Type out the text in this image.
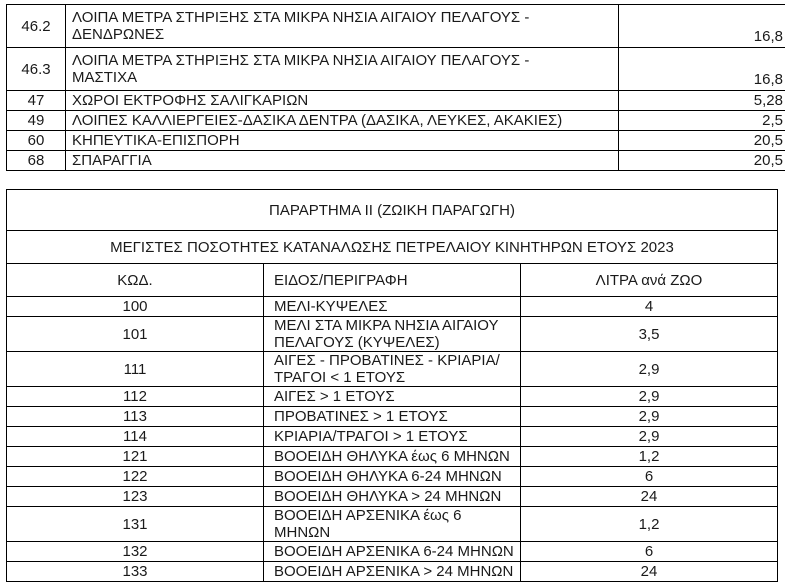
46.2	ΛΟΙΠΑ ΜΕΤΡΑ ΣΤΗΡΙΞΗΣ ΣΤΑ ΜΙΚΡΑ ΝΗΣΙΑ ΑΙΓΑΙΟΥ ΠΕΛΑΓΟΥΣ -
ΔΕΝΔΡΩΝΕΣ	16,8
46.3	ΛΟΙΠΑ ΜΕΤΡΑ ΣΤΗΡΙΞΗΣ ΣΤΑ ΜΙΚΡΑ ΝΗΣΙΑ ΑΙΓΑΙΟΥ ΠΕΛΑΓΟΥΣ -
ΜΑΣΤΙΧΑ	16,8
47	ΧΩΡΟΙ ΕΚΤΡΟΦΗΣ ΣΑΛΙΓΚΑΡΙΩΝ	5,28
49	ΛΟΙΠΕΣ ΚΑΛΛΙΕΡΓΕΙΕΣ-ΔΑΣΙΚΑ ΔΕΝΤΡΑ (ΔΑΣΙΚΑ, ΛΕΥΚΕΣ, ΑΚΑΚΙΕΣ)	2,5
60	ΚΗΠΕΥΤΙΚΑ-ΕΠΙΣΠΟΡΗ	20,5
68	ΣΠΑΡΑΓΓΙΑ	20,5
ΠΑΡΑΡΤΗΜΑ ΙΙ (ΖΩΙΚΗ ΠΑΡΑΓΩΓΗ)		
ΜΕΓΙΣΤΕΣ ΠΟΣΟΤΗΤΕΣ ΚΑΤΑΝΑΛΩΣΗΣ ΠΕΤΡΕΛΑΙΟΥ ΚΙΝΗΤΗΡΩΝ ΕΤΟΥΣ 2023		
ΚΩΔ.	ΕΙΔΟΣ/ΠΕΡΙΓΡΑΦΗ	ΛΙΤΡΑ ανά ΖΩΟ
100	ΜΕΛΙ-ΚΥΨΕΛΕΣ	4
101	ΜΕΛΙ ΣΤΑ ΜΙΚΡΑ ΝΗΣΙΑ ΑΙΓΑΙΟΥ ΠΕΛΑΓΟΥΣ (ΚΥΨΕΛΕΣ)	3,5
111	ΑΙΓΕΣ - ΠΡΟΒΑΤΙΝΕΣ - ΚΡΙΑΡΙΑ/ΤΡΑΓΟΙ < 1 ΕΤΟΥΣ	2,9
112	ΑΙΓΕΣ > 1 ΕΤΟΥΣ	2,9
113	ΠΡΟΒΑΤΙΝΕΣ > 1 ΕΤΟΥΣ	2,9
114	ΚΡΙΑΡΙΑ/ΤΡΑΓΟΙ > 1 ΕΤΟΥΣ	2,9
121	ΒΟΟΕΙΔΗ ΘΗΛΥΚΑ έως 6 ΜΗΝΩΝ	1,2
122	ΒΟΟΕΙΔΗ ΘΗΛΥΚΑ 6-24 ΜΗΝΩΝ	6
123	ΒΟΟΕΙΔΗ ΘΗΛΥΚΑ > 24 ΜΗΝΩΝ	24
131	ΒΟΟΕΙΔΗ ΑΡΣΕΝΙΚΑ έως 6 ΜΗΝΩΝ	1,2
132	ΒΟΟΕΙΔΗ ΑΡΣΕΝΙΚΑ 6-24 ΜΗΝΩΝ	6
133	ΒΟΟΕΙΔΗ ΑΡΣΕΝΙΚΑ > 24 ΜΗΝΩΝ	24
